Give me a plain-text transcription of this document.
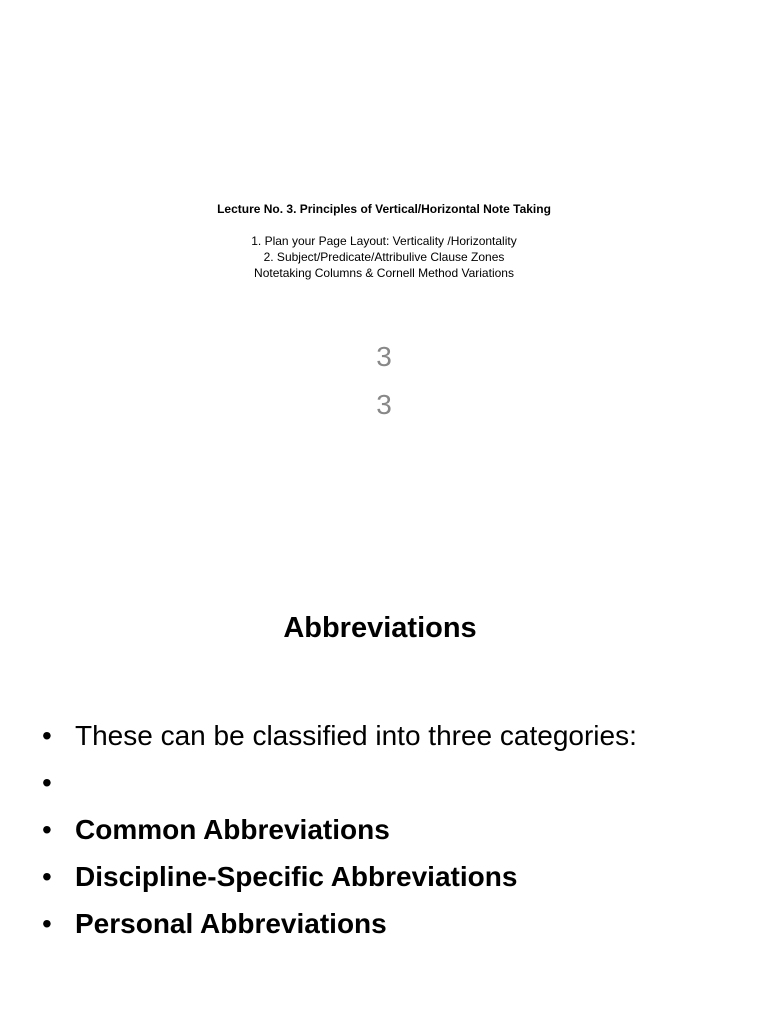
Lecture No. 3. Principles of Vertical/Horizontal Note Taking
1. Plan your Page Layout: Verticality /Horizontality
2. Subject/Predicate/Attribulive Clause Zones
Notetaking Columns & Cornell Method Variations
3
3
Abbreviations
• These can be classified into three categories:
•
• Common Abbreviations
• Discipline-Specific Abbreviations
• Personal Abbreviations
